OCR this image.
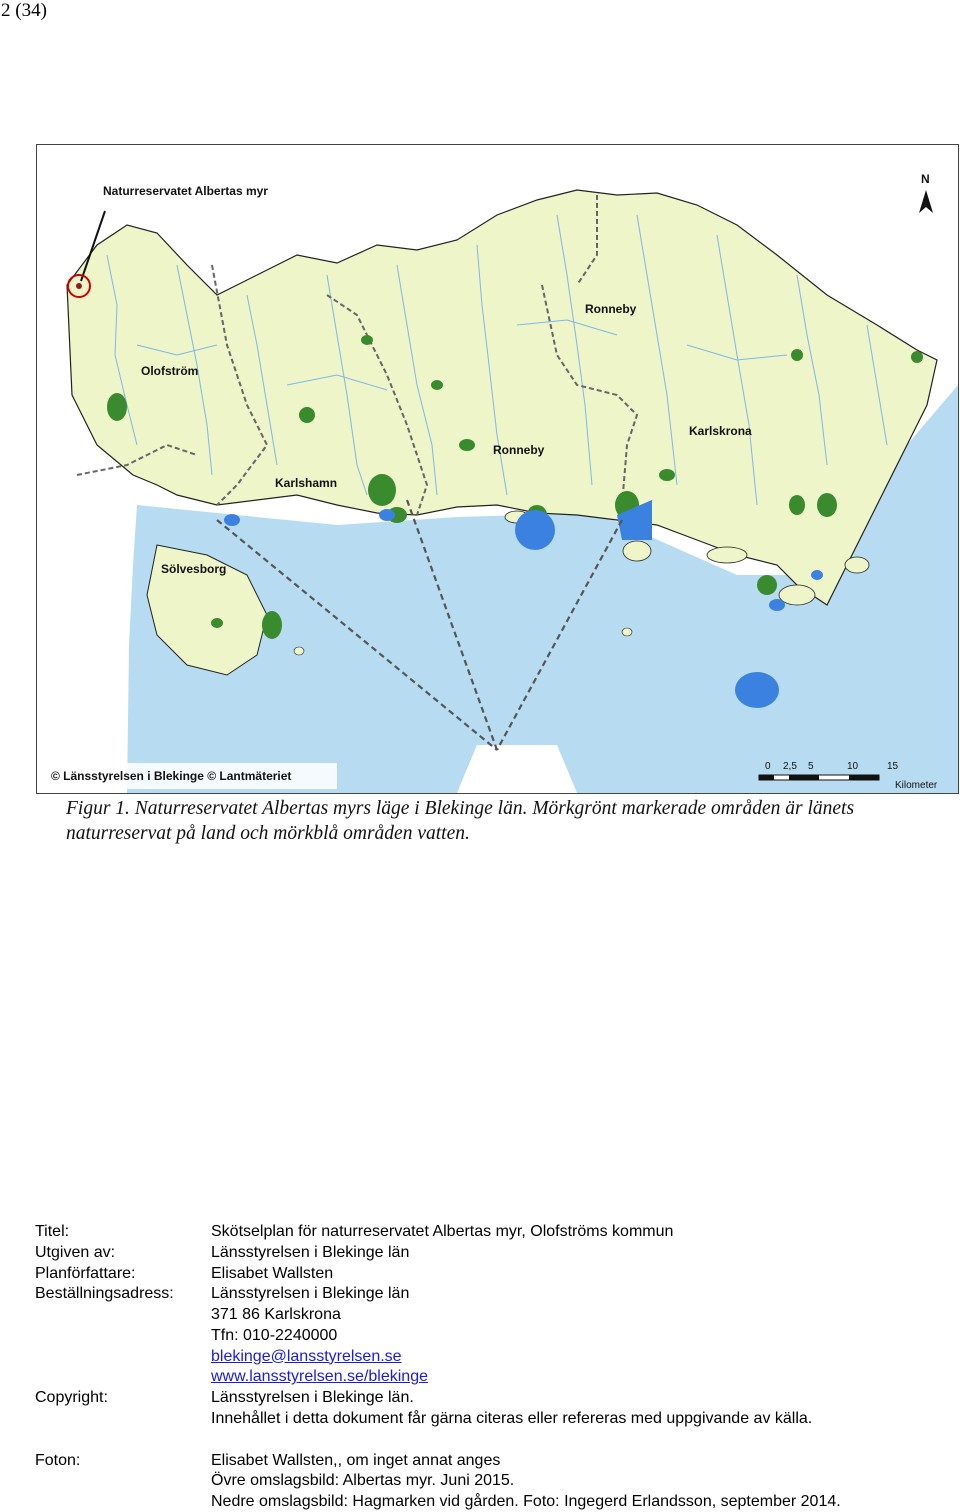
2 (34)
Naturreservatet Albertas myr
Olofström
Karlshamn
Ronneby
Ronneby
Karlskrona
Sölvesborg
N
© Länsstyrelsen i Blekinge © Lantmäteriet
0 2,5 5	10	15
Kilometer
Figur 1. Naturreservatet Albertas myrs läge i Blekinge län. Mörkgrönt markerade områden är länets naturreservat på land och mörkblå områden vatten.
Titel:	Skötselplan för naturreservatet Albertas myr, Olofströms kommun
Utgiven av:	Länsstyrelsen i Blekinge län
Planförfattare:	Elisabet Wallsten
Beställningsadress: Länsstyrelsen i Blekinge län
371 86 Karlskrona
Tfn: 010-2240000
blekinge@lansstyrelsen.se
www.lansstyrelsen.se/blekinge
Copyright:	Länsstyrelsen i Blekinge län.
Innehållet i detta dokument får gärna citeras eller refereras med uppgivande av källa.
Foton:	Elisabet Wallsten,, om inget annat anges
Övre omslagsbild: Albertas myr. Juni 2015.
Nedre omslagsbild: Hagmarken vid gården. Foto: Ingegerd Erlandsson, september 2014.
